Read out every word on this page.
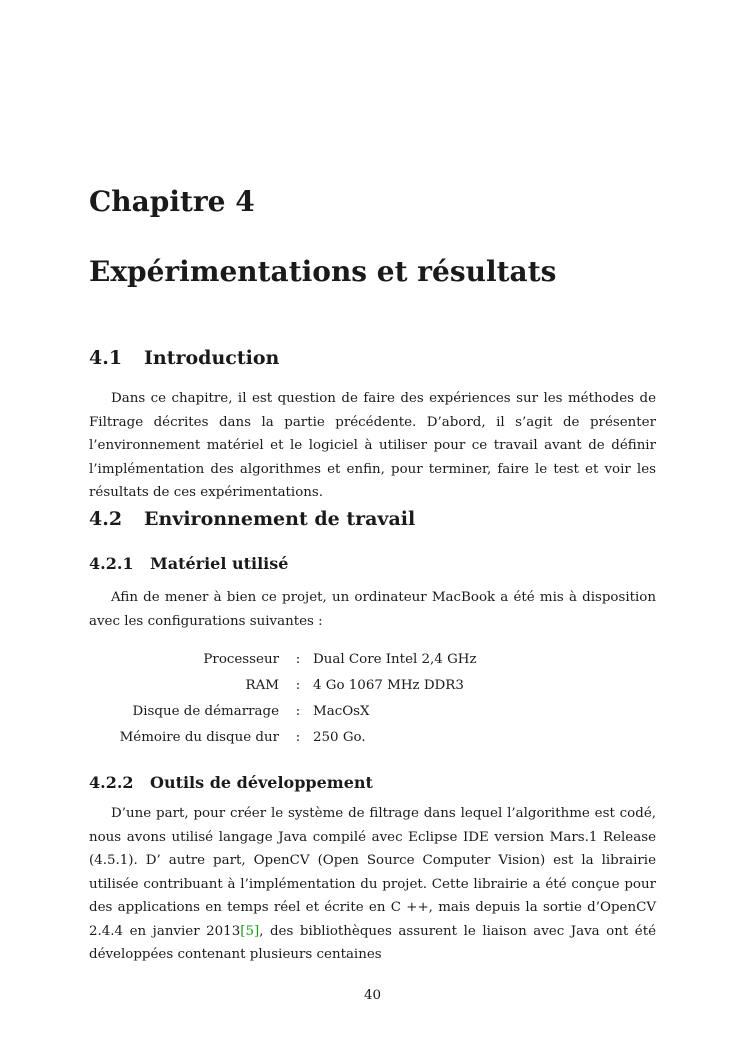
Chapitre 4
Expérimentations et résultats
4.1 Introduction

Dans ce chapitre, il est question de faire des expériences sur les méthodes de Filtrage décrites dans la partie précédente. D’abord, il s’agit de présenter l’environnement matériel et le logiciel à utiliser pour ce travail avant de définir l’implémentation des algorithmes et enfin, pour terminer, faire le test et voir les résultats de ces expérimentations.

4.2 Environnement de travail
4.2.1 Matériel utilisé

Afin de mener à bien ce projet, un ordinateur MacBook a été mis à disposition avec les configurations suivantes :

Processeur	:	Dual Core Intel 2,4 GHz
RAM	:	4 Go 1067 MHz DDR3
Disque de démarrage	:	MacOsX
Mémoire du disque dur	:	250 Go.
4.2.2 Outils de développement

D’une part, pour créer le système de filtrage dans lequel l’algorithme est codé, nous avons utilisé langage Java compilé avec Eclipse IDE version Mars.1 Release (4.5.1). D’ autre part, OpenCV (Open Source Computer Vision) est la librairie utilisée contribuant à l’implémentation du projet. Cette librairie a été conçue pour des applications en temps réel et écrite en C ++, mais depuis la sortie d’OpenCV 2.4.4 en janvier 2013[5], des bibliothèques assurent le liaison avec Java ont été développées contenant plusieurs centaines

40
